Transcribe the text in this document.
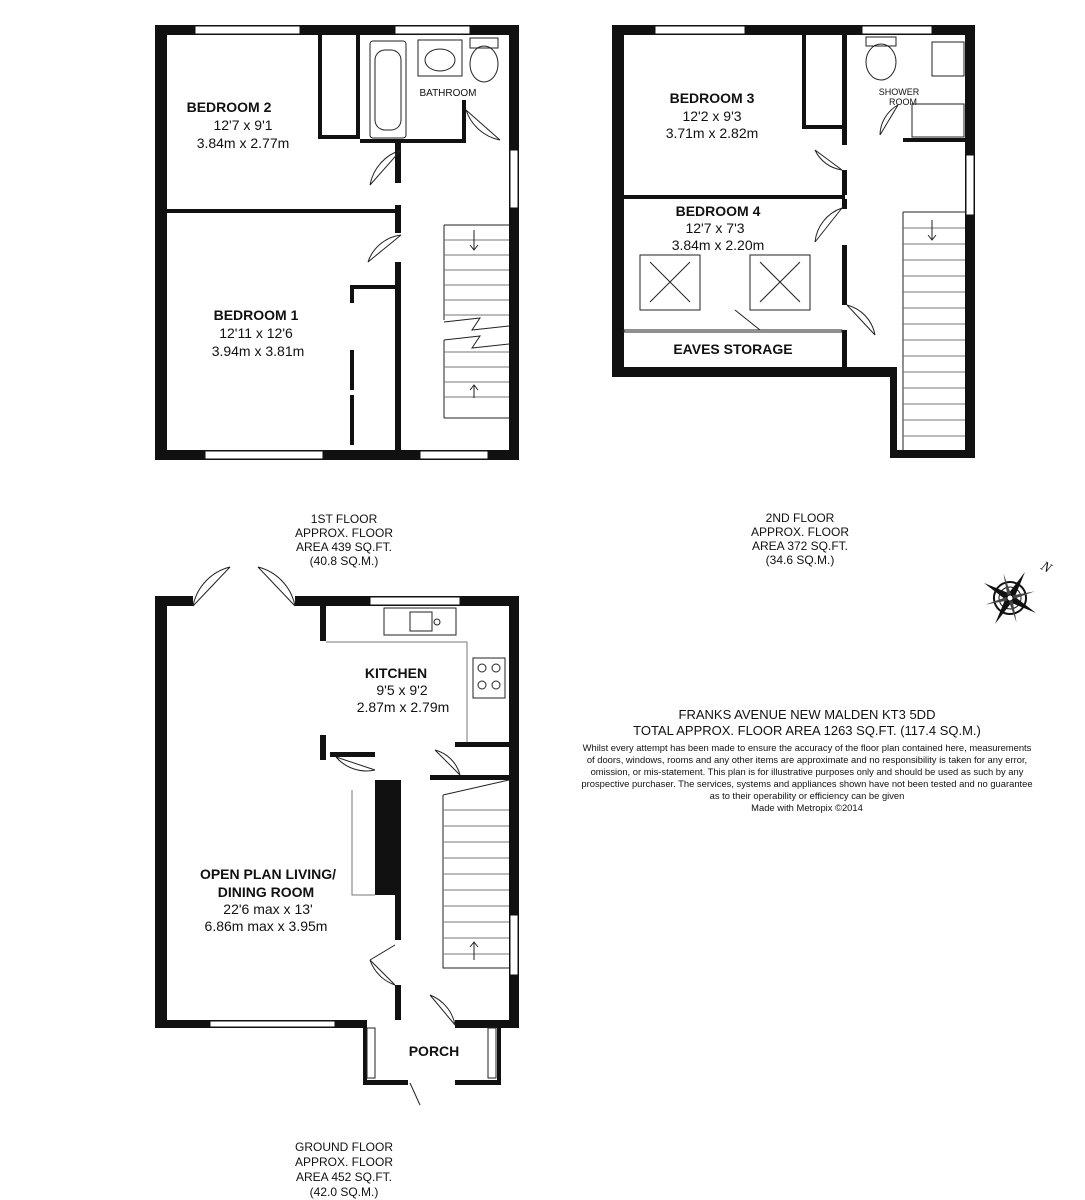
BEDROOM 2
12'7 x 9'1
3.84m x 2.77m
BATHROOM
BEDROOM 1
12'11 x 12'6
3.94m x 3.81m
BEDROOM 3
12'2 x 9'3
3.71m x 2.82m
SHOWER
ROOM
BEDROOM 4
12'7 x 7'3
3.84m x 2.20m
EAVES STORAGE
KITCHEN
9'5 x 9'2
2.87m x 2.79m
OPEN PLAN LIVING/
DINING ROOM
22'6 max x 13'
6.86m max x 3.95m
PORCH
1ST FLOOR
APPROX. FLOOR
AREA 439 SQ.FT.
(40.8 SQ.M.)
2ND FLOOR
APPROX. FLOOR
AREA 372 SQ.FT.
(34.6 SQ.M.)
GROUND FLOOR
APPROX. FLOOR
AREA 452 SQ.FT.
(42.0 SQ.M.)
FRANKS AVENUE NEW MALDEN KT3 5DD
TOTAL APPROX. FLOOR AREA 1263 SQ.FT. (117.4 SQ.M.)
Whilst every attempt has been made to ensure the accuracy of the floor plan contained here, measurements
of doors, windows, rooms and any other items are approximate and no responsibility is taken for any error,
omission, or mis-statement. This plan is for illustrative purposes only and should be used as such by any
prospective purchaser. The services, systems and appliances shown have not been tested and no guarantee
as to their operability or efficiency can be given
Made with Metropix ©2014
N
